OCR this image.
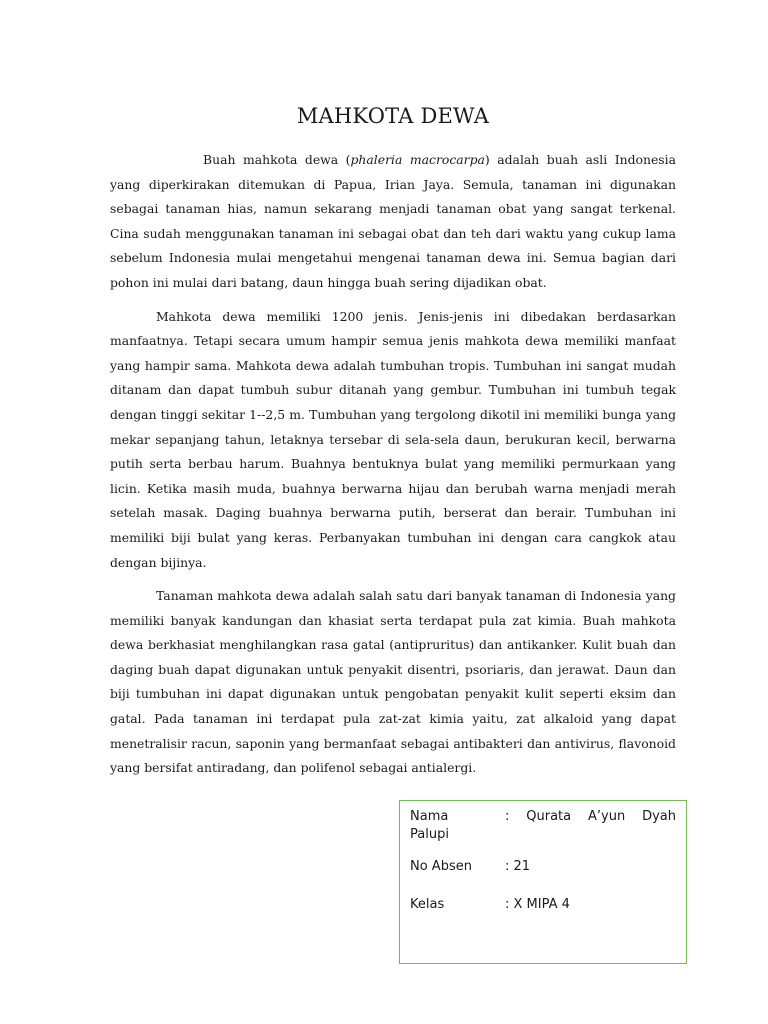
MAHKOTA DEWA

Buah mahkota dewa (phaleria macrocarpa) adalah buah asli Indonesia yang diperkirakan ditemukan di Papua, Irian Jaya. Semula, tanaman ini digunakan sebagai tanaman hias, namun sekarang menjadi tanaman obat yang sangat terkenal. Cina sudah menggunakan tanaman ini sebagai obat dan teh dari waktu yang cukup lama sebelum Indonesia mulai mengetahui mengenai tanaman dewa ini. Semua bagian dari pohon ini mulai dari batang, daun hingga buah sering dijadikan obat.

Mahkota dewa memiliki 1200 jenis. Jenis-jenis ini dibedakan berdasarkan manfaatnya. Tetapi secara umum hampir semua jenis mahkota dewa memiliki manfaat yang hampir sama. Mahkota dewa adalah tumbuhan tropis. Tumbuhan ini sangat mudah ditanam dan dapat tumbuh subur ditanah yang gembur. Tumbuhan ini tumbuh tegak dengan tinggi sekitar 1--2,5 m. Tumbuhan yang tergolong dikotil ini memiliki bunga yang mekar sepanjang tahun, letaknya tersebar di sela-sela daun, berukuran kecil, berwarna putih serta berbau harum. Buahnya bentuknya bulat yang memiliki permurkaan yang licin. Ketika masih muda, buahnya berwarna hijau dan berubah warna menjadi merah setelah masak. Daging buahnya berwarna putih, berserat dan berair. Tumbuhan ini memiliki biji bulat yang keras. Perbanyakan tumbuhan ini dengan cara cangkok atau dengan bijinya.

Tanaman mahkota dewa adalah salah satu dari banyak tanaman di Indonesia yang memiliki banyak kandungan dan khasiat serta terdapat pula zat kimia. Buah mahkota dewa berkhasiat menghilangkan rasa gatal (antipruritus) dan antikanker. Kulit buah dan daging buah dapat digunakan untuk penyakit disentri, psoriaris, dan jerawat. Daun dan biji tumbuhan ini dapat digunakan untuk pengobatan penyakit kulit seperti eksim dan gatal. Pada tanaman ini terdapat pula zat-zat kimia yaitu, zat alkaloid yang dapat menetralisir racun, saponin yang bermanfaat sebagai antibakteri dan antivirus, flavonoid yang bersifat antiradang, dan polifenol sebagai antialergi.

Nama	: Qurata A’yun Dyah
Palupi
No Absen	: 21
Kelas	: X MIPA 4
